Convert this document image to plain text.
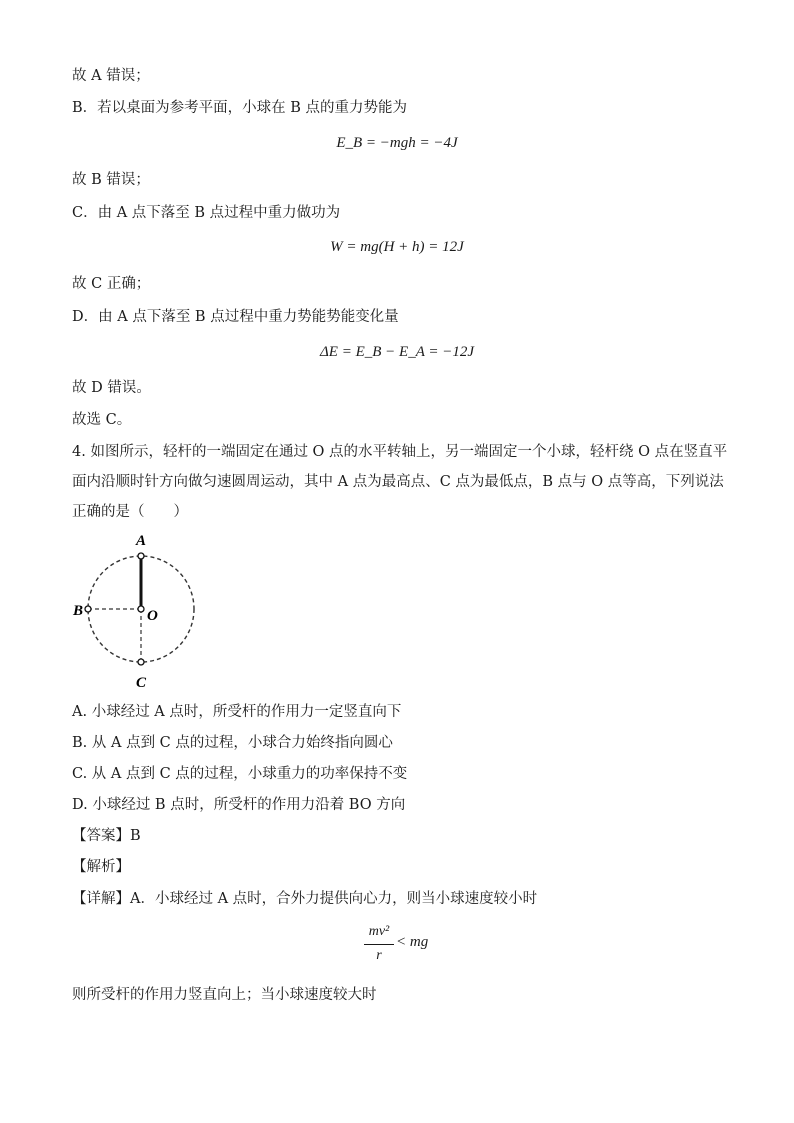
故 A 错误；
B．若以桌面为参考平面，小球在 B 点的重力势能为
E_B = −mgh = −4J
故 B 错误；
C．由 A 点下落至 B 点过程中重力做功为
W = mg(H + h) = 12J
故 C 正确；
D．由 A 点下落至 B 点过程中重力势能势能变化量
ΔE = E_B − E_A = −12J
故 D 错误。
故选 C。
4. 如图所示，轻杆的一端固定在通过 O 点的水平转轴上，另一端固定一个小球，轻杆绕 O 点在竖直平面内沿顺时针方向做匀速圆周运动，其中 A 点为最高点、C 点为最低点，B 点与 O 点等高，下列说法正确的是（　　）
A
B	O
C
A. 小球经过 A 点时，所受杆的作用力一定竖直向下
B. 从 A 点到 C 点的过程，小球合力始终指向圆心
C. 从 A 点到 C 点的过程，小球重力的功率保持不变
D. 小球经过 B 点时，所受杆的作用力沿着 BO 方向
【答案】B
【解析】
【详解】A．小球经过 A 点时，合外力提供向心力，则当小球速度较小时
mv²
r
< mg
则所受杆的作用力竖直向上；当小球速度较大时
